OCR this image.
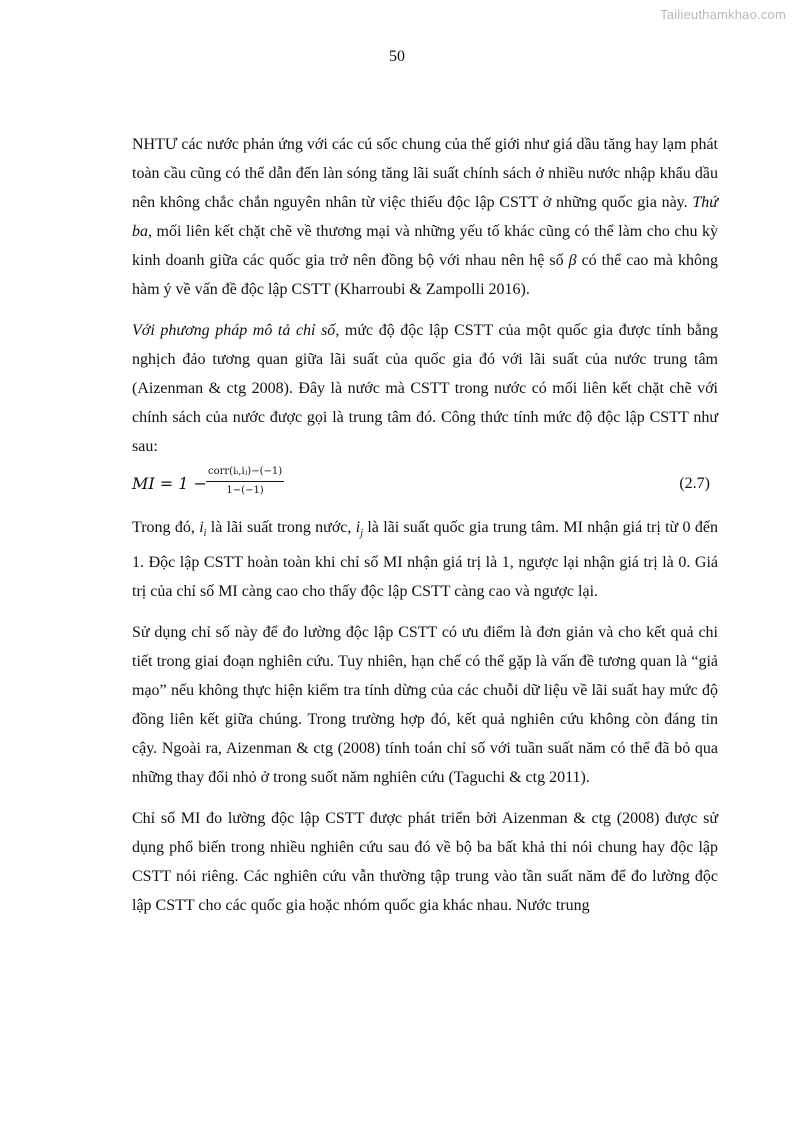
Tailieuthamkhao.com
50

NHTƯ các nước phản ứng với các cú sốc chung của thế giới như giá dầu tăng hay lạm phát toàn cầu cũng có thể dẫn đến làn sóng tăng lãi suất chính sách ở nhiều nước nhập khẩu dầu nên không chắc chắn nguyên nhân từ việc thiếu độc lập CSTT ở những quốc gia này. Thứ ba, mối liên kết chặt chẽ về thương mại và những yếu tố khác cũng có thể làm cho chu kỳ kinh doanh giữa các quốc gia trở nên đồng bộ với nhau nên hệ số β có thể cao mà không hàm ý về vấn đề độc lập CSTT (Kharroubi & Zampolli 2016).

Với phương pháp mô tả chỉ số, mức độ độc lập CSTT của một quốc gia được tính bằng nghịch đảo tương quan giữa lãi suất của quốc gia đó với lãi suất của nước trung tâm (Aizenman & ctg 2008). Đây là nước mà CSTT trong nước có mối liên kết chặt chẽ với chính sách của nước được gọi là trung tâm đó. Công thức tính mức độ độc lập CSTT như sau:

MI = 1 −
corr(iᵢ,iⱼ)−(−1)
1−(−1)	(2.7)

Trong đó, $i_i$ là lãi suất trong nước, $i_j$ là lãi suất quốc gia trung tâm. MI nhận giá trị từ 0 đến 1. Độc lập CSTT hoàn toàn khi chỉ số MI nhận giá trị là 1, ngược lại nhận giá trị là 0. Giá trị của chỉ số MI càng cao cho thấy độc lập CSTT càng cao và ngược lại.

Sử dụng chỉ số này để đo lường độc lập CSTT có ưu điểm là đơn giản và cho kết quả chi tiết trong giai đoạn nghiên cứu. Tuy nhiên, hạn chế có thể gặp là vấn đề tương quan là “giả mạo” nếu không thực hiện kiểm tra tính dừng của các chuỗi dữ liệu về lãi suất hay mức độ đồng liên kết giữa chúng. Trong trường hợp đó, kết quả nghiên cứu không còn đáng tin cậy. Ngoài ra, Aizenman & ctg (2008) tính toán chỉ số với tuần suất năm có thể đã bỏ qua những thay đổi nhỏ ở trong suốt năm nghiên cứu (Taguchi & ctg 2011).

Chỉ số MI đo lường độc lập CSTT được phát triển bởi Aizenman & ctg (2008) được sử dụng phổ biến trong nhiều nghiên cứu sau đó về bộ ba bất khả thi nói chung hay độc lập CSTT nói riêng. Các nghiên cứu vẫn thường tập trung vào tần suất năm để đo lường độc lập CSTT cho các quốc gia hoặc nhóm quốc gia khác nhau. Nước trung
